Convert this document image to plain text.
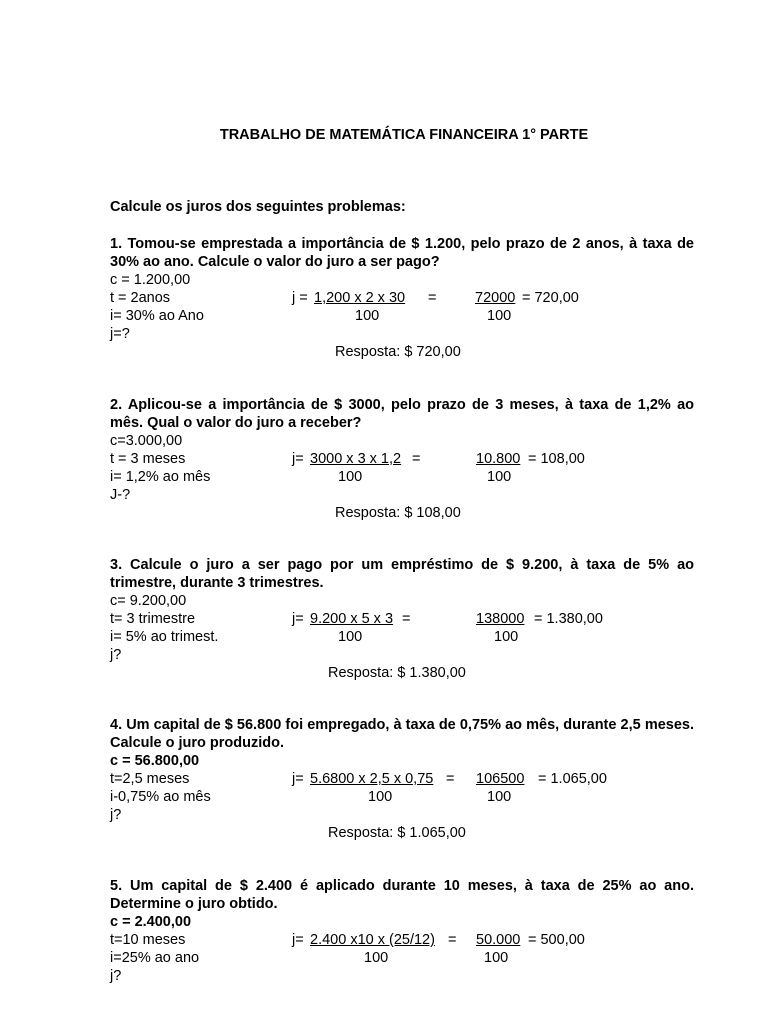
TRABALHO DE MATEMÁTICA FINANCEIRA 1° PARTE
Calcule os juros dos seguintes problemas:
1. Tomou-se emprestada a importância de $ 1.200, pelo prazo de 2 anos, à taxa de 30% ao ano. Calcule o valor do juro a ser pago?
c = 1.200,00
t = 2anos	j = 1,200 x 2 x 30 =	72000 = 720,00
i= 30% ao Ano	100	100
j=?
Resposta: $ 720,00
2. Aplicou-se a importância de $ 3000, pelo prazo de 3 meses, à taxa de 1,2% ao mês. Qual o valor do juro a receber?
c=3.000,00
t = 3 meses	j= 3000 x 3 x 1,2 =	10.800 = 108,00
i= 1,2% ao mês	100	100
J-?
Resposta: $ 108,00
3. Calcule o juro a ser pago por um empréstimo de $ 9.200, à taxa de 5% ao trimestre, durante 3 trimestres.
c= 9.200,00
t= 3 trimestre	j= 9.200 x 5 x 3 =	138000 = 1.380,00
i= 5% ao trimest.	100	100
j?
Resposta: $ 1.380,00
4. Um capital de $ 56.800 foi empregado, à taxa de 0,75% ao mês, durante 2,5 meses. Calcule o juro produzido.
c = 56.800,00
t=2,5 meses	j= 5.6800 x 2,5 x 0,75 = 106500 = 1.065,00
i-0,75% ao mês	100	100
j?
Resposta: $ 1.065,00
5. Um capital de $ 2.400 é aplicado durante 10 meses, à taxa de 25% ao ano. Determine o juro obtido.
c = 2.400,00
t=10 meses	j= 2.400 x10 x (25/12) = 50.000 = 500,00
i=25% ao ano	100	100
j?
